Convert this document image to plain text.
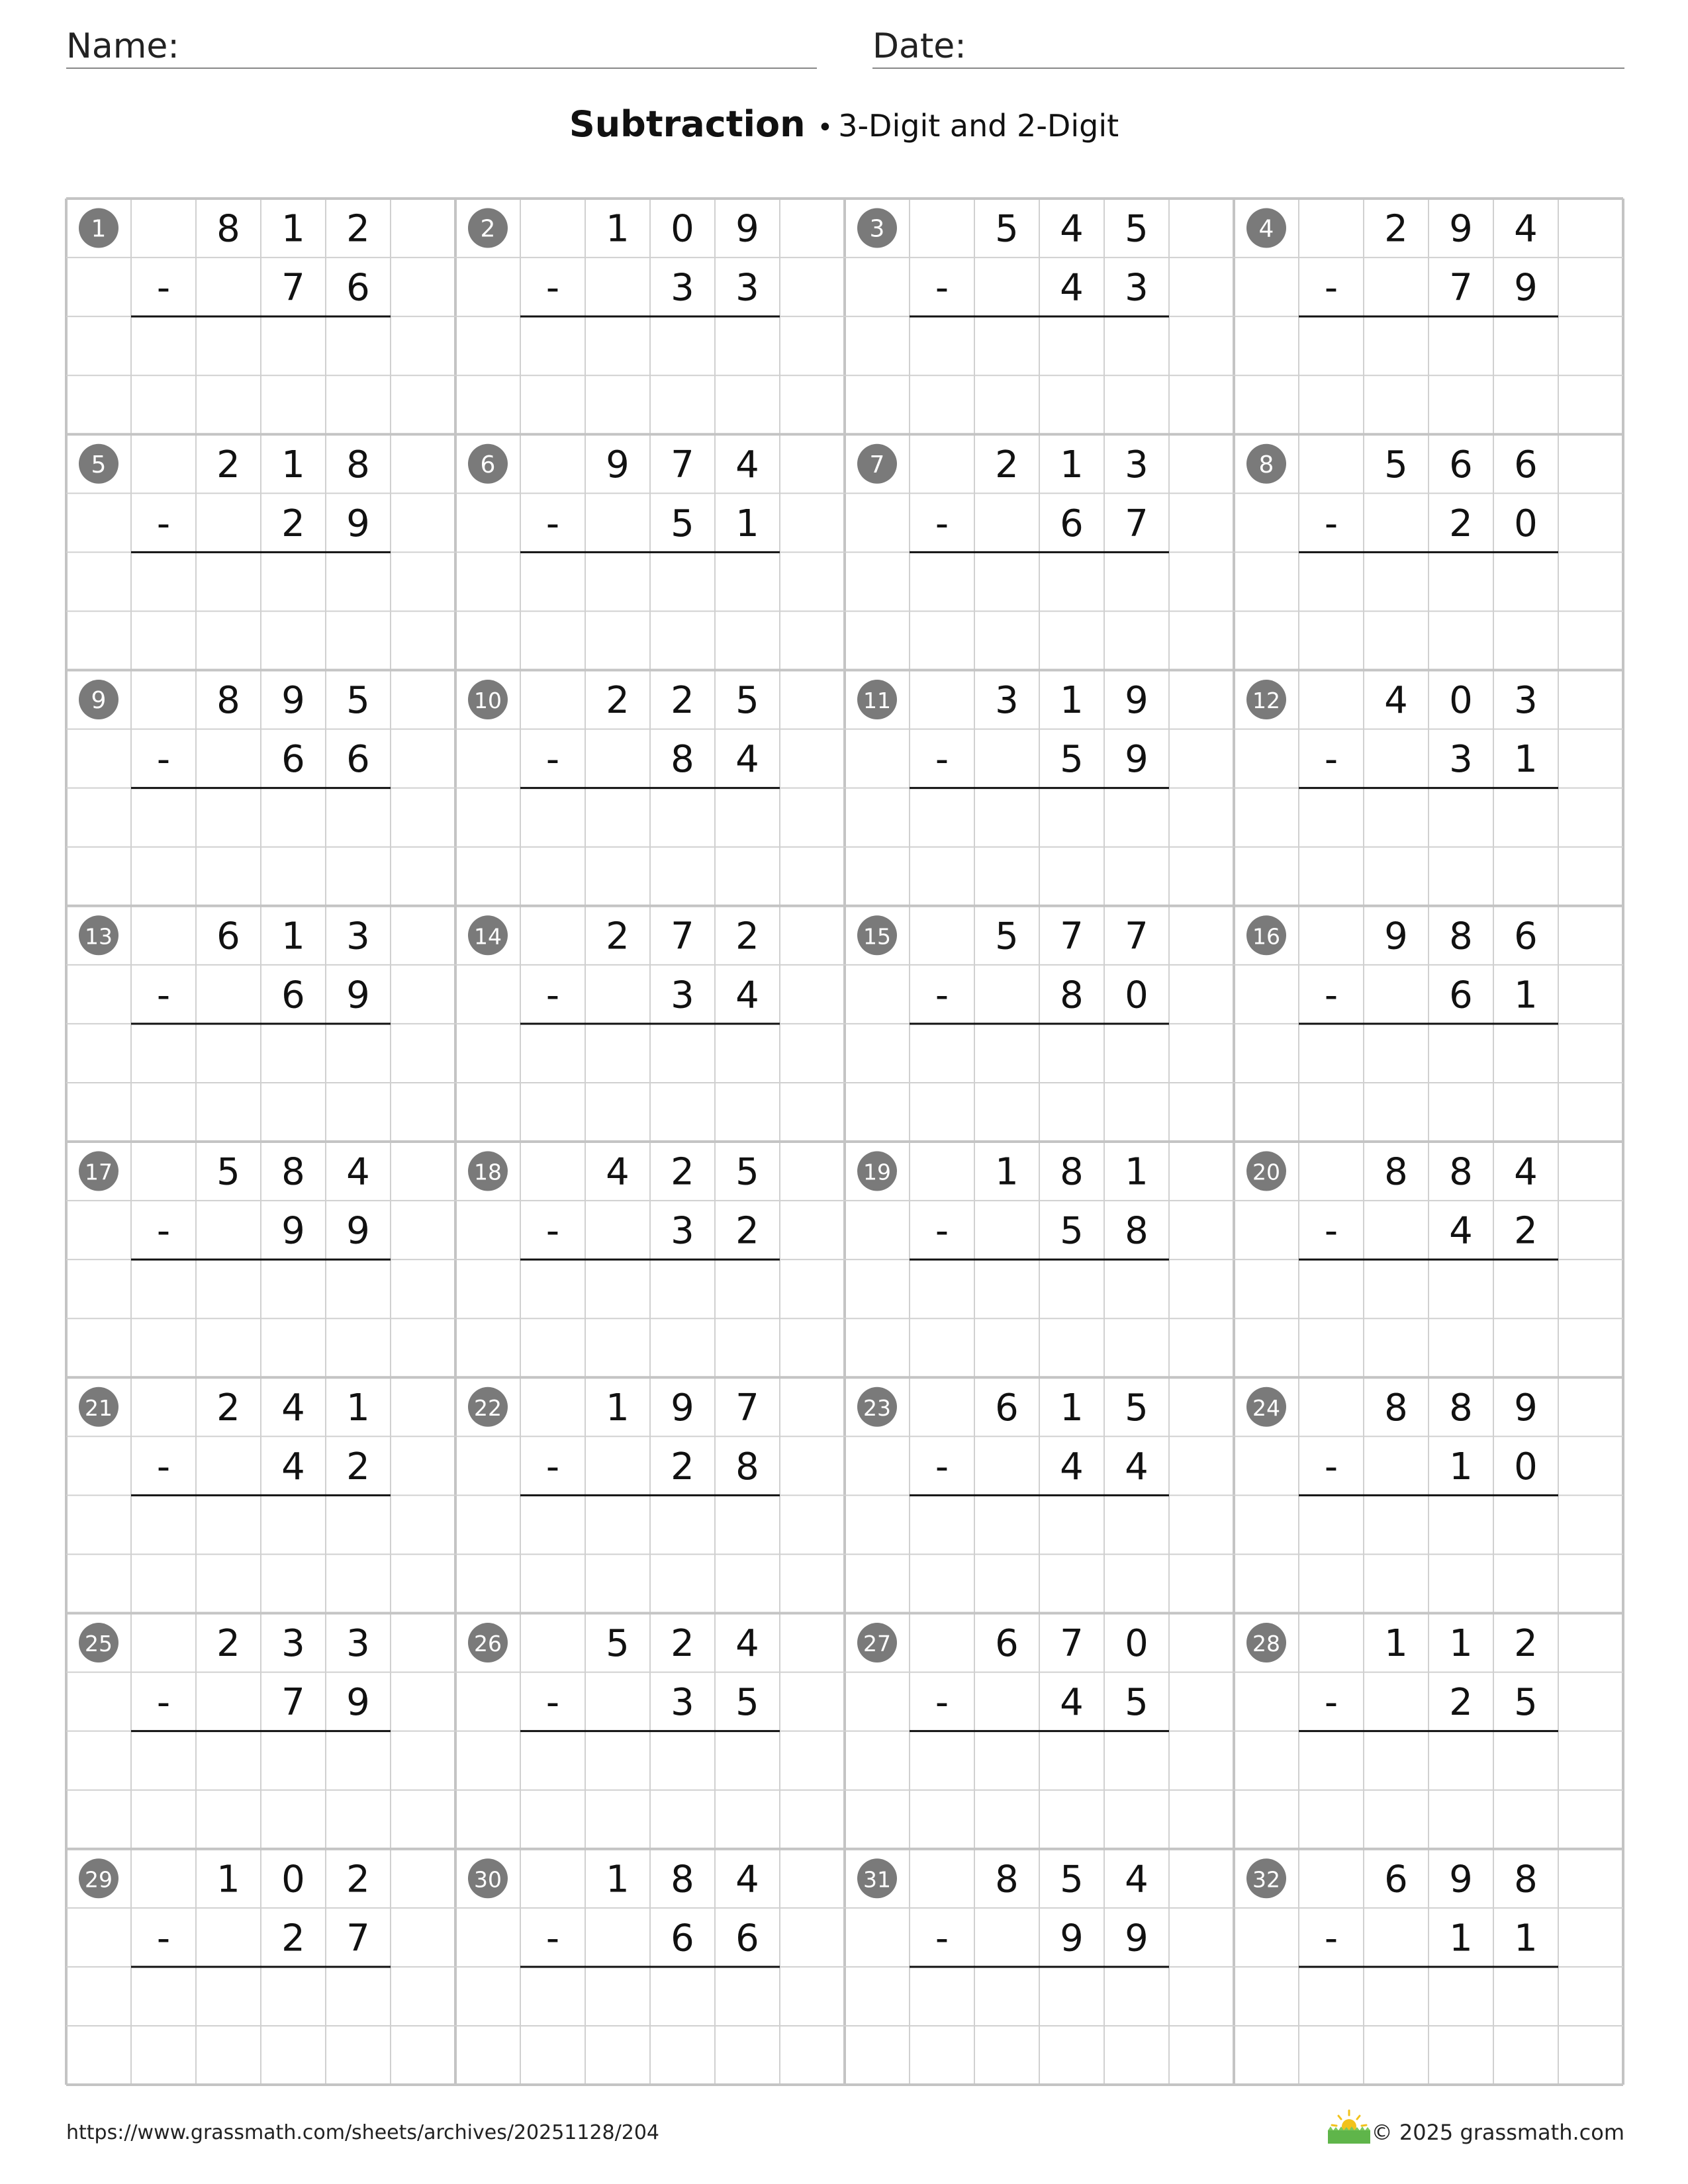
Name:	Date:
Subtraction • 3-Digit and 2-Digit
1	8 1 2
-	7 6
2	1 0 9
-	3 3
3	5 4 5
-	4 3
4	2 9 4
-	7 9
5	2 1 8
-	2 9
6	9 7 4
-	5 1
7	2 1 3
-	6 7
8	5 6 6
-	2 0
9	8 9 5
-	6 6
10	2 2 5
-	8 4
11	3 1 9
-	5 9
12	4 0 3
-	3 1
13	6 1 3
-	6 9
14	2 7 2
-	3 4
15	5 7 7
-	8 0
16	9 8 6
-	6 1
17	5 8 4
-	9 9
18	4 2 5
-	3 2
19	1 8 1
-	5 8
20	8 8 4
-	4 2
21	2 4 1
-	4 2
22	1 9 7
-	2 8
23	6 1 5
-	4 4
24	8 8 9
-	1 0
25	2 3 3
-	7 9
26	5 2 4
-	3 5
27	6 7 0
-	4 5
28	1 1 2
-	2 5
29	1 0 2
-	2 7
30	1 8 4
-	6 6
31	8 5 4
-	9 9
32	6 9 8
-	1 1
https://www.grassmath.com/sheets/archives/20251128/204	© 2025 grassmath.com
